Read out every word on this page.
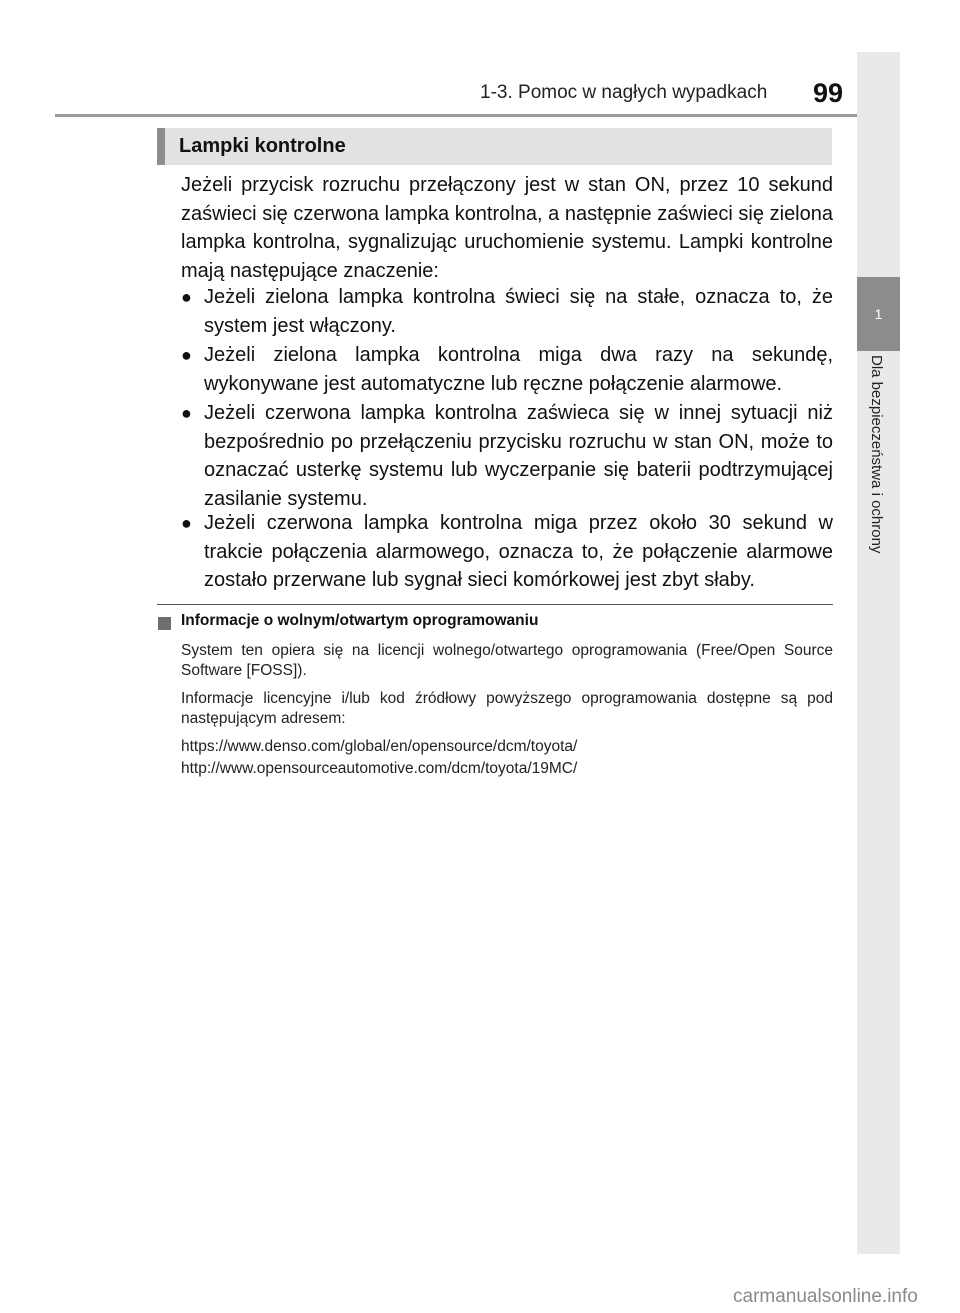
1-3. Pomoc w nagłych wypadkach 99
1
Dla bezpieczeństwa i ochrony
Lampki kontrolne

Jeżeli przycisk rozruchu przełączony jest w stan ON, przez 10 sekund zaświeci się czerwona lampka kontrolna, a następnie zaświeci się zielona lampka kontrolna, sygnalizując uruchomienie systemu. Lampki kontrolne mają następujące znaczenie:

● Jeżeli zielona lampka kontrolna świeci się na stałe, oznacza to, że system jest włączony.
● Jeżeli zielona lampka kontrolna miga dwa razy na sekundę, wykonywane jest automatyczne lub ręczne połączenie alarmowe.
● Jeżeli czerwona lampka kontrolna zaświeca się w innej sytuacji niż bezpośrednio po przełączeniu przycisku rozruchu w stan ON, może to oznaczać usterkę systemu lub wyczerpanie się baterii podtrzymującej zasilanie systemu.
● Jeżeli czerwona lampka kontrolna miga przez około 30 sekund w trakcie połączenia alarmowego, oznacza to, że połączenie alarmowe zostało przerwane lub sygnał sieci komórkowej jest zbyt słaby.
Informacje o wolnym/otwartym oprogramowaniu

System ten opiera się na licencji wolnego/otwartego oprogramowania (Free/Open Source Software [FOSS]).

Informacje licencyjne i/lub kod źródłowy powyższego oprogramowania dostępne są pod następującym adresem:

https://www.denso.com/global/en/opensource/dcm/toyota/
http://www.opensourceautomotive.com/dcm/toyota/19MC/
carmanualsonline.info
